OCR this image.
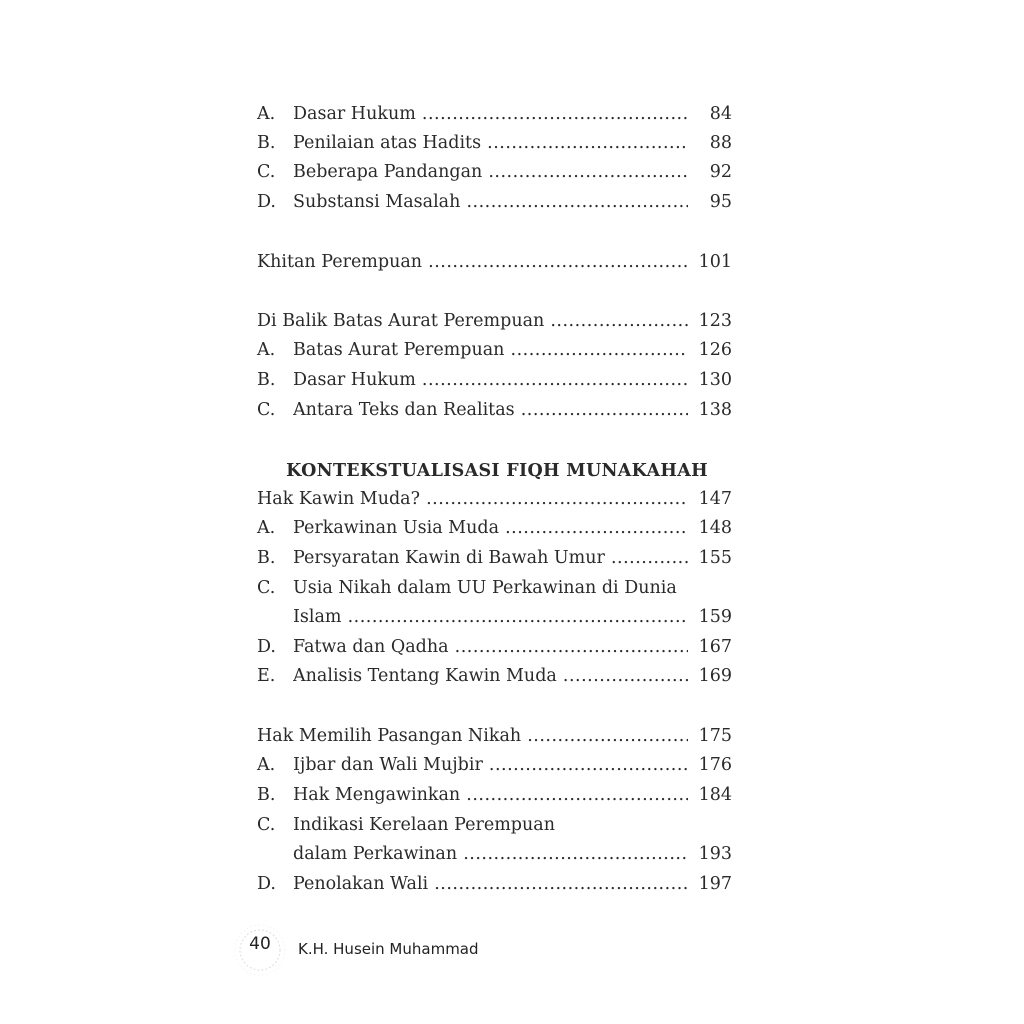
A.	Dasar Hukum .....	84
B.	Penilaian atas Hadits .....	88
C.	Beberapa Pandangan .....	92
D. Substansi Masalah .....	95
Khitan Perempuan .....	101
Di Balik Batas Aurat Perempuan .....	123
A.	Batas Aurat Perempuan .....	126
B.	Dasar Hukum .....	130
C.	Antara Teks dan Realitas .....	138
KONTEKSTUALISASI FIQH MUNAKAHAH
Hak Kawin Muda? .....	147
A.	Perkawinan Usia Muda .....	148
B.	Persyaratan Kawin di Bawah Umur .....	155
C.	Usia Nikah dalam UU Perkawinan di Dunia
Islam .....	159
D. Fatwa dan Qadha .....	167
E.	Analisis Tentang Kawin Muda .....	169
Hak Memilih Pasangan Nikah .....	175
A.	Ijbar dan Wali Mujbir .....	176
B.	Hak Mengawinkan .....	184
C.	Indikasi Kerelaan Perempuan
dalam Perkawinan .....	193
D. Penolakan Wali .....	197
40	K.H. Husein Muhammad
